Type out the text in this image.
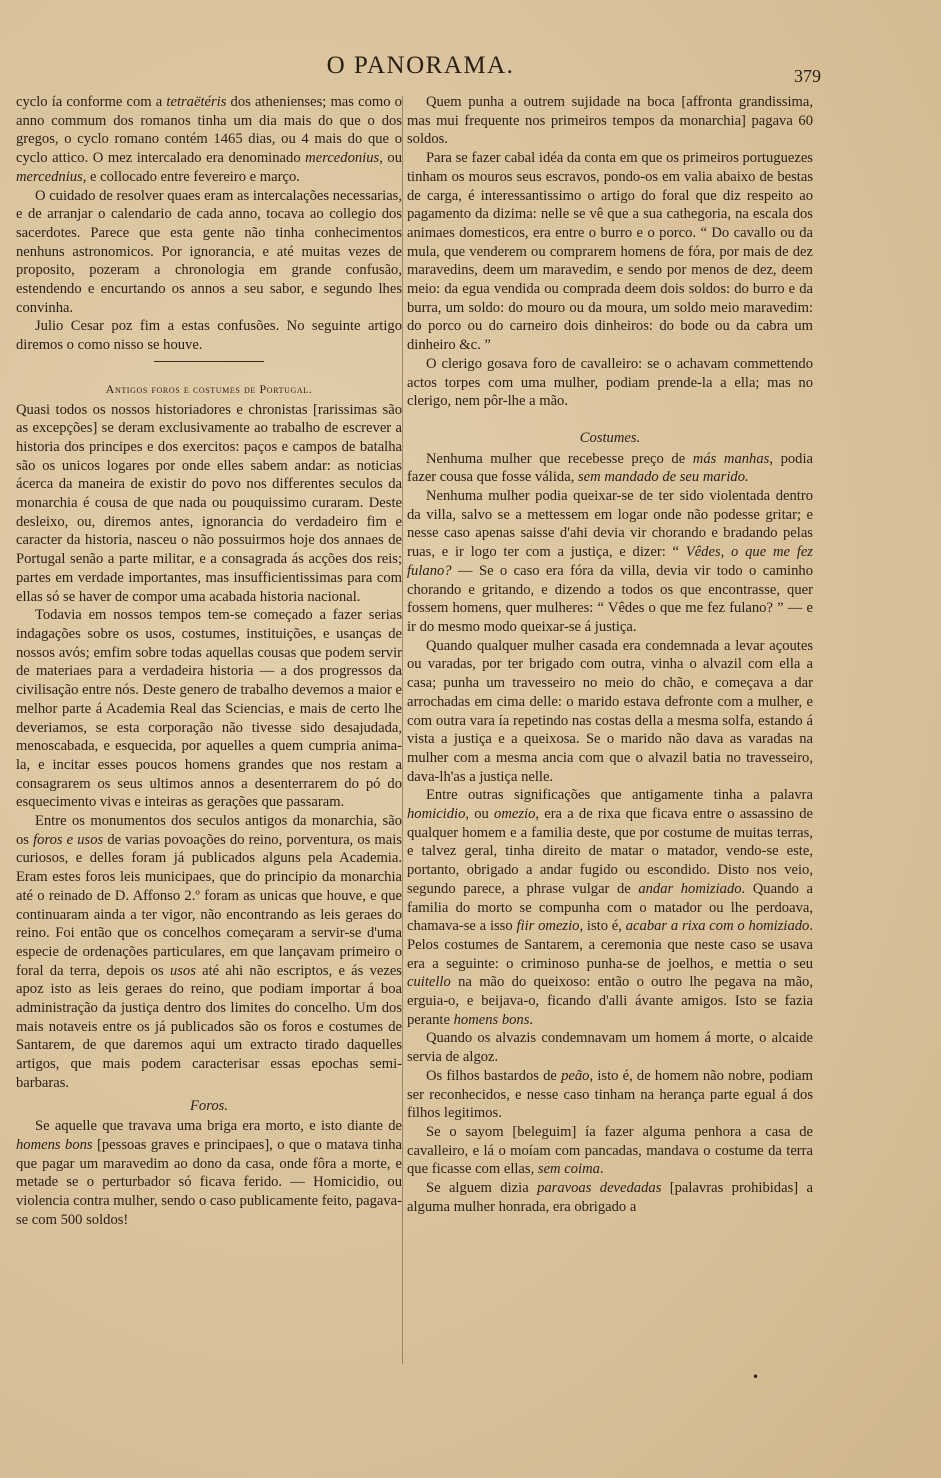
O PANORAMA.	379

cyclo ía conforme com a tetraëtéris dos athenienses; mas como o anno commum dos romanos tinha um dia mais do que o dos gregos, o cyclo romano contém 1465 dias, ou 4 mais do que o cyclo attico. O mez intercalado era denominado mercedonius, ou mercednius, e collocado entre fevereiro e março.

O cuidado de resolver quaes eram as intercalações necessarias, e de arranjar o calendario de cada anno, tocava ao collegio dos sacerdotes. Parece que esta gente não tinha conhecimentos nenhuns astronomicos. Por ignorancia, e até muitas vezes de proposito, pozeram a chronologia em grande confusão, estendendo e encurtando os annos a seu sabor, e segundo lhes convinha.

Julio Cesar poz fim a estas confusões. No seguinte artigo diremos o como nisso se houve.

Antigos foros e costumes de Portugal.

Quasi todos os nossos historiadores e chronistas [rarissimas são as excepções] se deram exclusivamente ao trabalho de escrever a historia dos principes e dos exercitos: paços e campos de batalha são os unicos logares por onde elles sabem andar: as noticias ácerca da maneira de existir do povo nos differentes seculos da monarchia é cousa de que nada ou pouquissimo curaram. Deste desleixo, ou, diremos antes, ignorancia do verdadeiro fim e caracter da historia, nasceu o não possuirmos hoje dos annaes de Portugal senão a parte militar, e a consagrada ás acções dos reis; partes em verdade importantes, mas insufficientissimas para com ellas só se haver de compor uma acabada historia nacional.

Todavia em nossos tempos tem-se começado a fazer serias indagações sobre os usos, costumes, instituições, e usanças de nossos avós; emfim sobre todas aquellas cousas que podem servir de materiaes para a verdadeira historia — a dos progressos da civilisação entre nós. Deste genero de trabalho devemos a maior e melhor parte á Academia Real das Sciencias, e mais de certo lhe deveriamos, se esta corporação não tivesse sido desajudada, menoscabada, e esquecida, por aquelles a quem cumpria anima-la, e incitar esses poucos homens grandes que nos restam a consagrarem os seus ultimos annos a desenterrarem do pó do esquecimento vivas e inteiras as gerações que passaram.

Entre os monumentos dos seculos antigos da monarchia, são os foros e usos de varias povoações do reino, porventura, os mais curiosos, e delles foram já publicados alguns pela Academia. Eram estes foros leis municipaes, que do principio da monarchia até o reinado de D. Affonso 2.º foram as unicas que houve, e que continuaram ainda a ter vigor, não encontrando as leis geraes do reino. Foi então que os concelhos começaram a servir-se d'uma especie de ordenações particulares, em que lançavam primeiro o foral da terra, depois os usos até ahi não escriptos, e ás vezes apoz isto as leis geraes do reino, que podiam importar á boa administração da justiça dentro dos limites do concelho. Um dos mais notaveis entre os já publicados são os foros e costumes de Santarem, de que daremos aqui um extracto tirado daquelles artigos, que mais podem caracterisar essas epochas semi-barbaras.

Foros.

Se aquelle que travava uma briga era morto, e isto diante de homens bons [pessoas graves e principaes], o que o matava tinha que pagar um maravedim ao dono da casa, onde fôra a morte, e metade se o perturbador só ficava ferido. — Homicidio, ou violencia contra mulher, sendo o caso publicamente feito, pagava-se com 500 soldos!

Quem punha a outrem sujidade na boca [affronta grandissima, mas mui frequente nos primeiros tempos da monarchia] pagava 60 soldos.

Para se fazer cabal idéa da conta em que os primeiros portuguezes tinham os mouros seus escravos, pondo-os em valia abaixo de bestas de carga, é interessantissimo o artigo do foral que diz respeito ao pagamento da dizima: nelle se vê que a sua cathegoria, na escala dos animaes domesticos, era entre o burro e o porco. “ Do cavallo ou da mula, que venderem ou comprarem homens de fóra, por mais de dez maravedins, deem um maravedim, e sendo por menos de dez, deem meio: da egua vendida ou comprada deem dois soldos: do burro e da burra, um soldo: do mouro ou da moura, um soldo meio maravedim: do porco ou do carneiro dois dinheiros: do bode ou da cabra um dinheiro &c. ”

O clerigo gosava foro de cavalleiro: se o achavam commettendo actos torpes com uma mulher, podiam prende-la a ella; mas no clerigo, nem pôr-lhe a mão.

Costumes.

Nenhuma mulher que recebesse preço de más manhas, podia fazer cousa que fosse válida, sem mandado de seu marido.

Nenhuma mulher podia queixar-se de ter sido violentada dentro da villa, salvo se a mettessem em logar onde não podesse gritar; e nesse caso apenas saisse d'ahi devia vir chorando e bradando pelas ruas, e ir logo ter com a justiça, e dizer: “ Vêdes, o que me fez fulano? — Se o caso era fóra da villa, devia vir todo o caminho chorando e gritando, e dizendo a todos os que encontrasse, quer fossem homens, quer mulheres: “ Vêdes o que me fez fulano? ” — e ir do mesmo modo queixar-se á justiça.

Quando qualquer mulher casada era condemnada a levar açoutes ou varadas, por ter brigado com outra, vinha o alvazil com ella a casa; punha um travesseiro no meio do chão, e começava a dar arrochadas em cima delle: o marido estava defronte com a mulher, e com outra vara ía repetindo nas costas della a mesma solfa, estando á vista a justiça e a queixosa. Se o marido não dava as varadas na mulher com a mesma ancia com que o alvazil batia no travesseiro, dava-lh'as a justiça nelle.

Entre outras significações que antigamente tinha a palavra homicidio, ou omezio, era a de rixa que ficava entre o assassino de qualquer homem e a familia deste, que por costume de muitas terras, e talvez geral, tinha direito de matar o matador, vendo-se este, portanto, obrigado a andar fugido ou escondido. Disto nos veio, segundo parece, a phrase vulgar de andar homiziado. Quando a familia do morto se compunha com o matador ou lhe perdoava, chamava-se a isso fiir omezio, isto é, acabar a rixa com o homiziado. Pelos costumes de Santarem, a ceremonia que neste caso se usava era a seguinte: o criminoso punha-se de joelhos, e mettia o seu cuitello na mão do queixoso: então o outro lhe pegava na mão, erguia-o, e beijava-o, ficando d'alli ávante amigos. Isto se fazia perante homens bons.

Quando os alvazis condemnavam um homem á morte, o alcaide servia de algoz.

Os filhos bastardos de peão, isto é, de homem não nobre, podiam ser reconhecidos, e nesse caso tinham na herança parte egual á dos filhos legitimos.

Se o sayom [beleguim] ía fazer alguma penhora a casa de cavalleiro, e lá o moíam com pancadas, mandava o costume da terra que ficasse com ellas, sem coima.

Se alguem dizia paravoas devedadas [palavras prohibidas] a alguma mulher honrada, era obrigado a

•
